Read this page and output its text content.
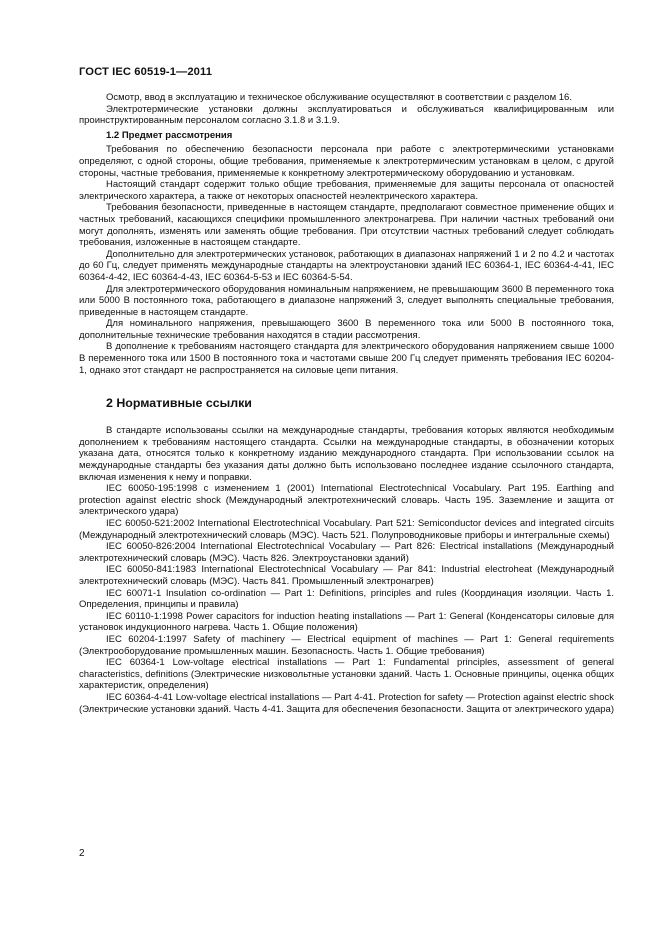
ГОСТ IEC 60519-1—2011

Осмотр, ввод в эксплуатацию и техническое обслуживание осуществляют в соответствии с разделом 16.

Электротермические установки должны эксплуатироваться и обслуживаться квалифицированным или проинструктированным персоналом согласно 3.1.8 и 3.1.9.

1.2 Предмет рассмотрения

Требования по обеспечению безопасности персонала при работе с электротермическими установками определяют, с одной стороны, общие требования, применяемые к электротермическим установкам в целом, с другой стороны, частные требования, применяемые к конкретному электротермическому оборудованию и установкам.

Настоящий стандарт содержит только общие требования, применяемые для защиты персонала от опасностей электрического характера, а также от некоторых опасностей неэлектрического характера.

Требования безопасности, приведенные в настоящем стандарте, предполагают совместное применение общих и частных требований, касающихся специфики промышленного электронагрева. При наличии частных требований они могут дополнять, изменять или заменять общие требования. При отсутствии частных требований следует соблюдать требования, изложенные в настоящем стандарте.

Дополнительно для электротермических установок, работающих в диапазонах напряжений 1 и 2 по 4.2 и частотах до 60 Гц, следует применять международные стандарты на электроустановки зданий IEC 60364-1, IEC 60364-4-41, IEC 60364-4-42, IEC 60364-4-43, IEC 60364-5-53 и IEC 60364-5-54.

Для электротермического оборудования номинальным напряжением, не превышающим 3600 В переменного тока или 5000 В постоянного тока, работающего в диапазоне напряжений 3, следует выполнять специальные требования, приведенные в настоящем стандарте.

Для номинального напряжения, превышающего 3600 В переменного тока или 5000 В постоянного тока, дополнительные технические требования находятся в стадии рассмотрения.

В дополнение к требованиям настоящего стандарта для электрического оборудования напряжением свыше 1000 В переменного тока или 1500 В постоянного тока и частотами свыше 200 Гц следует применять требования IEC 60204-1, однако этот стандарт не распространяется на силовые цепи питания.

2 Нормативные ссылки

В стандарте использованы ссылки на международные стандарты, требования которых являются необходимым дополнением к требованиям настоящего стандарта. Ссылки на международные стандарты, в обозначении которых указана дата, относятся только к конкретному изданию международного стандарта. При использовании ссылок на международные стандарты без указания даты должно быть использовано последнее издание ссылочного стандарта, включая изменения к нему и поправки.

IEC 60050-195:1998 с изменением 1 (2001) International Electrotechnical Vocabulary. Part 195. Earthing and protection against electric shock (Международный электротехнический словарь. Часть 195. Заземление и защита от электрического удара)

IEC 60050-521:2002 International Electrotechnical Vocabulary. Part 521: Semiconductor devices and integrated circuits (Международный электротехнический словарь (МЭС). Часть 521. Полупроводниковые приборы и интегральные схемы)

IEC 60050-826:2004 International Electrotechnical Vocabulary — Part 826: Electrical installations (Международный электротехнический словарь (МЭС). Часть 826. Электроустановки зданий)

IEC 60050-841:1983 International Electrotechnical Vocabulary — Par 841: Industrial electroheat (Международный электротехнический словарь (МЭС). Часть 841. Промышленный электронагрев)

IEC 60071-1 Insulation co-ordination — Part 1: Definitions, principles and rules (Координация изоляции. Часть 1. Определения, принципы и правила)

IEC 60110-1:1998 Power capacitors for induction heating installations — Part 1: General (Конденсаторы силовые для установок индукционного нагрева. Часть 1. Общие положения)

IEC 60204-1:1997 Safety of machinery — Electrical equipment of machines — Part 1: General requirements (Электрооборудование промышленных машин. Безопасность. Часть 1. Общие требования)

IEC 60364-1 Low-voltage electrical installations — Part 1: Fundamental principles, assessment of general characteristics, definitions (Электрические низковольтные установки зданий. Часть 1. Основные принципы, оценка общих характеристик, определения)

IEC 60364-4-41 Low-voltage electrical installations — Part 4-41. Protection for safety — Protection against electric shock (Электрические установки зданий. Часть 4-41. Защита для обеспечения безопасности. Защита от электрического удара)

2
